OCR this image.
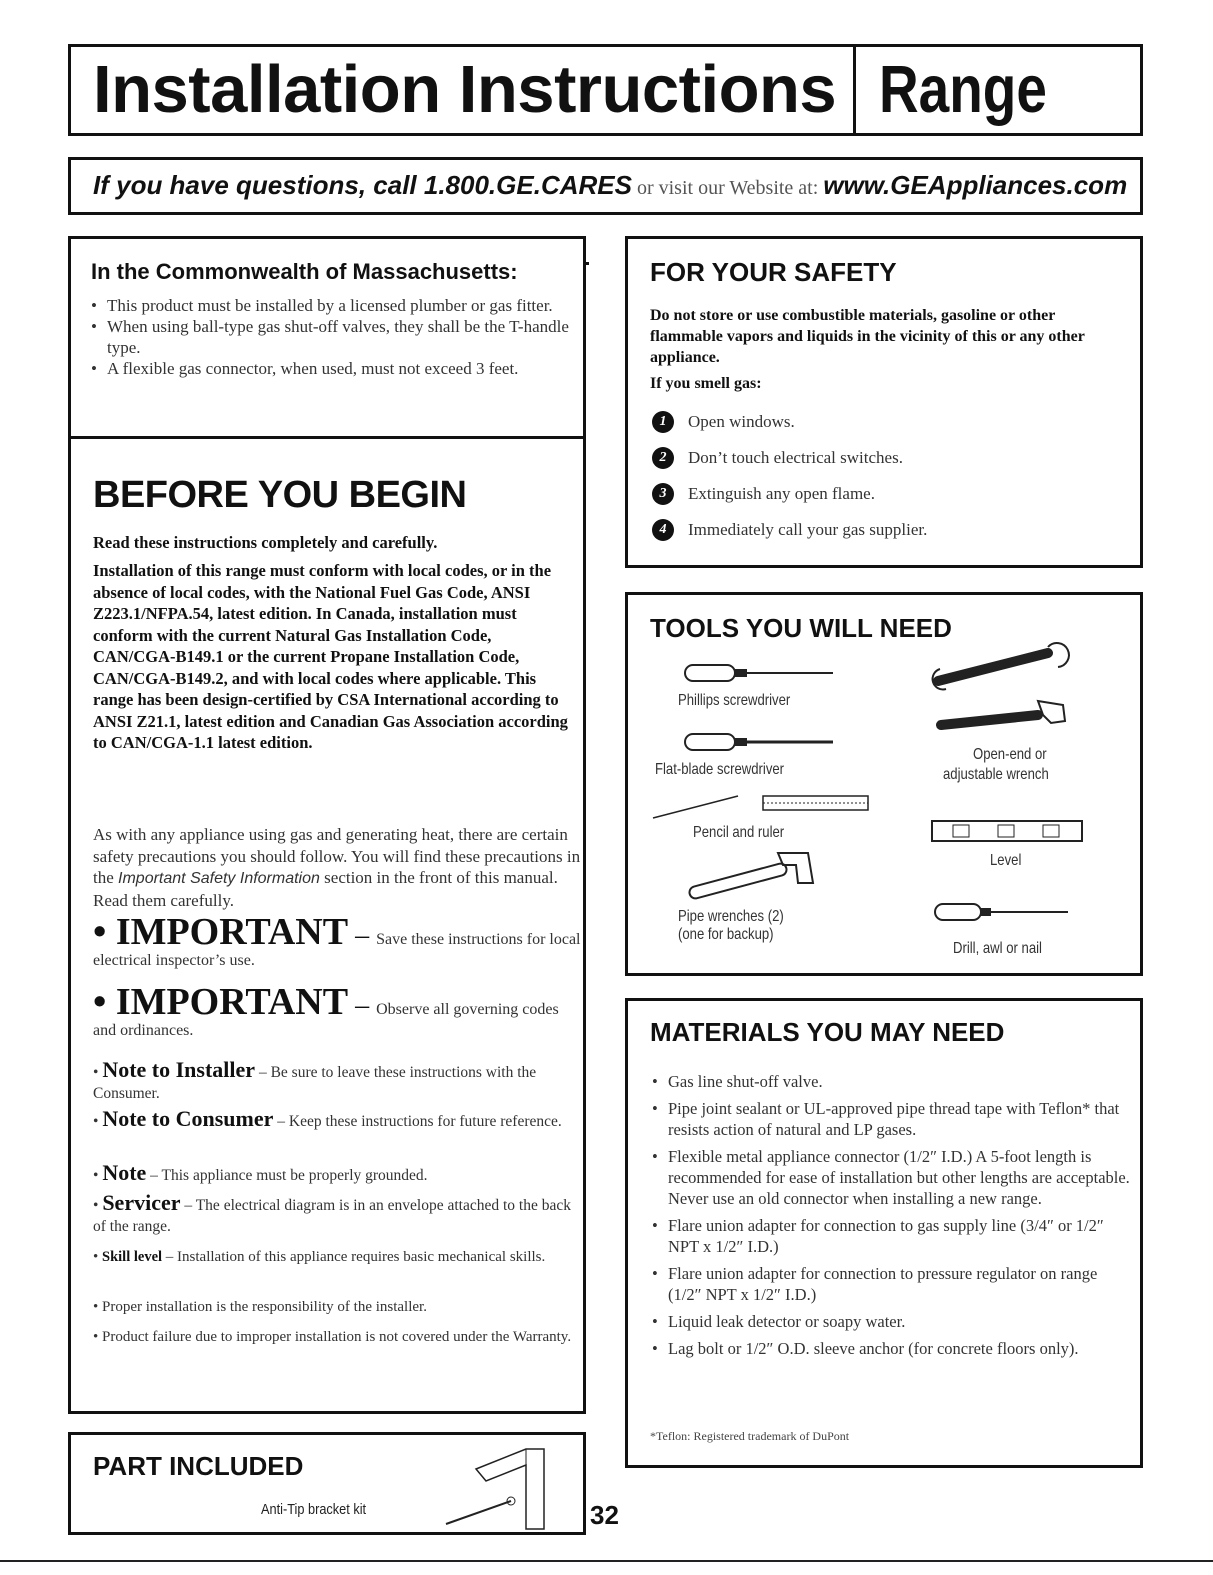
Installation Instructions Range
If you have questions, call 1.800.GE.CARES or visit our Website at: www.GEAppliances.com
BEFORE YOU BEGIN
Read these instructions completely and carefully.
Installation of this range must conform with local codes, or in the absence of local codes, with the National Fuel Gas Code, ANSI Z223.1/NFPA.54, latest edition. In Canada, installation must conform with the current Natural Gas Installation Code, CAN/CGA-B149.1 or the current Propane Installation Code, CAN/CGA-B149.2, and with local codes where applicable. This range has been design-certified by CSA International according to ANSI Z21.1, latest edition and Canadian Gas Association according to CAN/CGA-1.1 latest edition.
As with any appliance using gas and generating heat, there are certain safety precautions you should follow. You will find these precautions in the Important Safety Information section in the front of this manual. Read them carefully.
• IMPORTANT – Save these instructions for local electrical inspector’s use.
• IMPORTANT – Observe all governing codes and ordinances.
• Note to Installer – Be sure to leave these instructions with the Consumer.
• Note to Consumer – Keep these instructions for future reference.
• Note – This appliance must be properly grounded.
• Servicer – The electrical diagram is in an envelope attached to the back of the range.
• Skill level – Installation of this appliance requires basic mechanical skills.
• Proper installation is the responsibility of the installer.
• Product failure due to improper installation is not covered under the Warranty.
In the Commonwealth of Massachusetts:
• This product must be installed by a licensed plumber or gas fitter.
• When using ball-type gas shut-off valves, they shall be the T-handle type.
• A flexible gas connector, when used, must not exceed 3 feet.
PART INCLUDED
Anti-Tip bracket kit	32
FOR YOUR SAFETY
Do not store or use combustible materials, gasoline or other flammable vapors and liquids in the vicinity of this or any other appliance.
If you smell gas:
1	Open windows.
2	Don’t touch electrical switches.
3	Extinguish any open flame.
4	Immediately call your gas supplier.
TOOLS YOU WILL NEED
Phillips screwdriver
Flat-blade screwdriver
Pencil and ruler
Pipe wrenches (2)
(one for backup)
Open-end or
adjustable wrench
Level
Drill, awl or nail
MATERIALS YOU MAY NEED
• Gas line shut-off valve.
• Pipe joint sealant or UL-approved pipe thread tape with Teflon* that resists action of natural and LP gases.
• Flexible metal appliance connector (1/2″ I.D.) A 5-foot length is recommended for ease of installation but other lengths are acceptable. Never use an old connector when installing a new range.
• Flare union adapter for connection to gas supply line (3/4″ or 1/2″ NPT x 1/2″ I.D.)
• Flare union adapter for connection to pressure regulator on range (1/2″ NPT x 1/2″ I.D.)
• Liquid leak detector or soapy water.
• Lag bolt or 1/2″ O.D. sleeve anchor (for concrete floors only).
*Teflon: Registered trademark of DuPont
